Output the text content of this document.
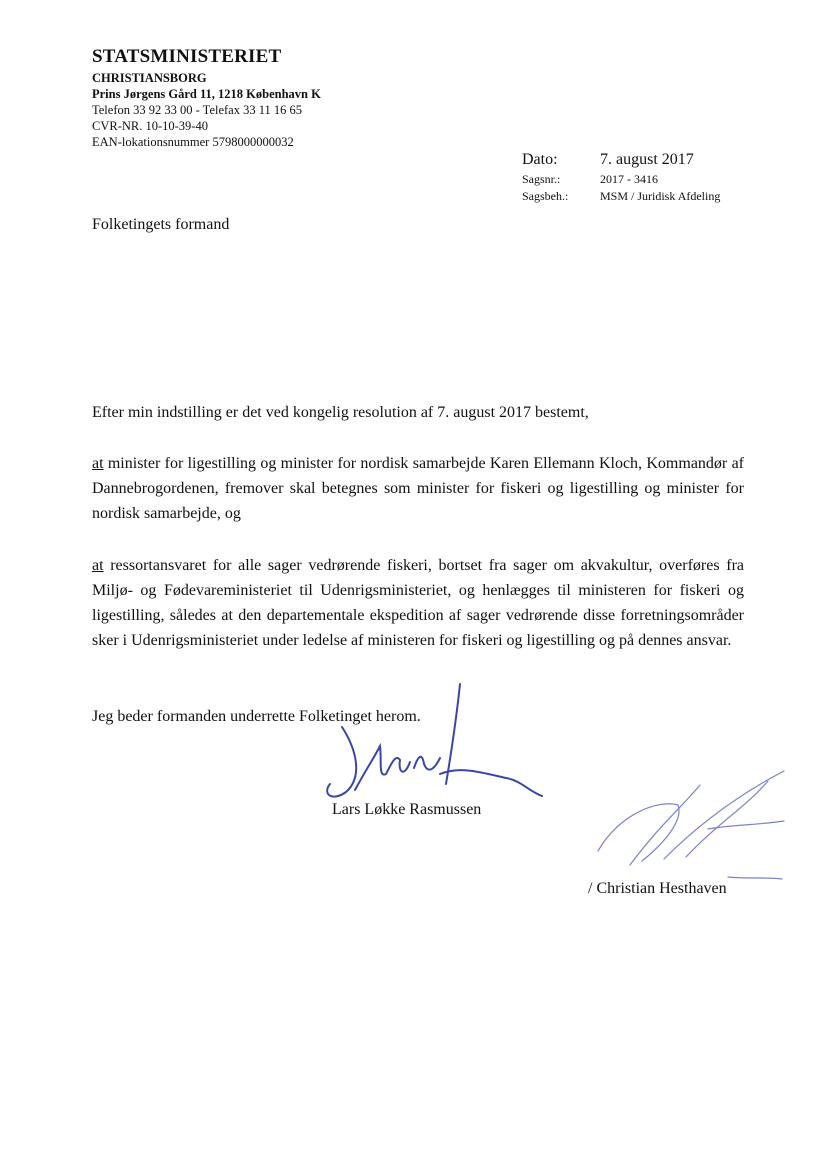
STATSMINISTERIET
CHRISTIANSBORG
Prins Jørgens Gård 11, 1218 København K
Telefon 33 92 33 00 - Telefax 33 11 16 65
CVR-NR. 10-10-39-40
EAN-lokationsnummer 5798000000032
Dato:	7. august 2017
Sagsnr.:	2017 - 3416
Sagsbeh.:	MSM / Juridisk Afdeling
Folketingets formand
Efter min indstilling er det ved kongelig resolution af 7. august 2017 bestemt,
at minister for ligestilling og minister for nordisk samarbejde Karen Ellemann Kloch, Kommandør af Dannebrogordenen, fremover skal betegnes som minister for fiskeri og ligestilling og minister for nordisk samarbejde, og
at ressortansvaret for alle sager vedrørende fiskeri, bortset fra sager om akvakultur, overføres fra Miljø- og Fødevareministeriet til Udenrigsministeriet, og henlægges til ministeren for fiskeri og ligestilling, således at den departementale ekspedition af sager vedrørende disse forretningsområder sker i Udenrigsministeriet under ledelse af ministeren for fiskeri og ligestilling og på dennes ansvar.
Jeg beder formanden underrette Folketinget herom.
Lars Løkke Rasmussen
/ Christian Hesthaven
